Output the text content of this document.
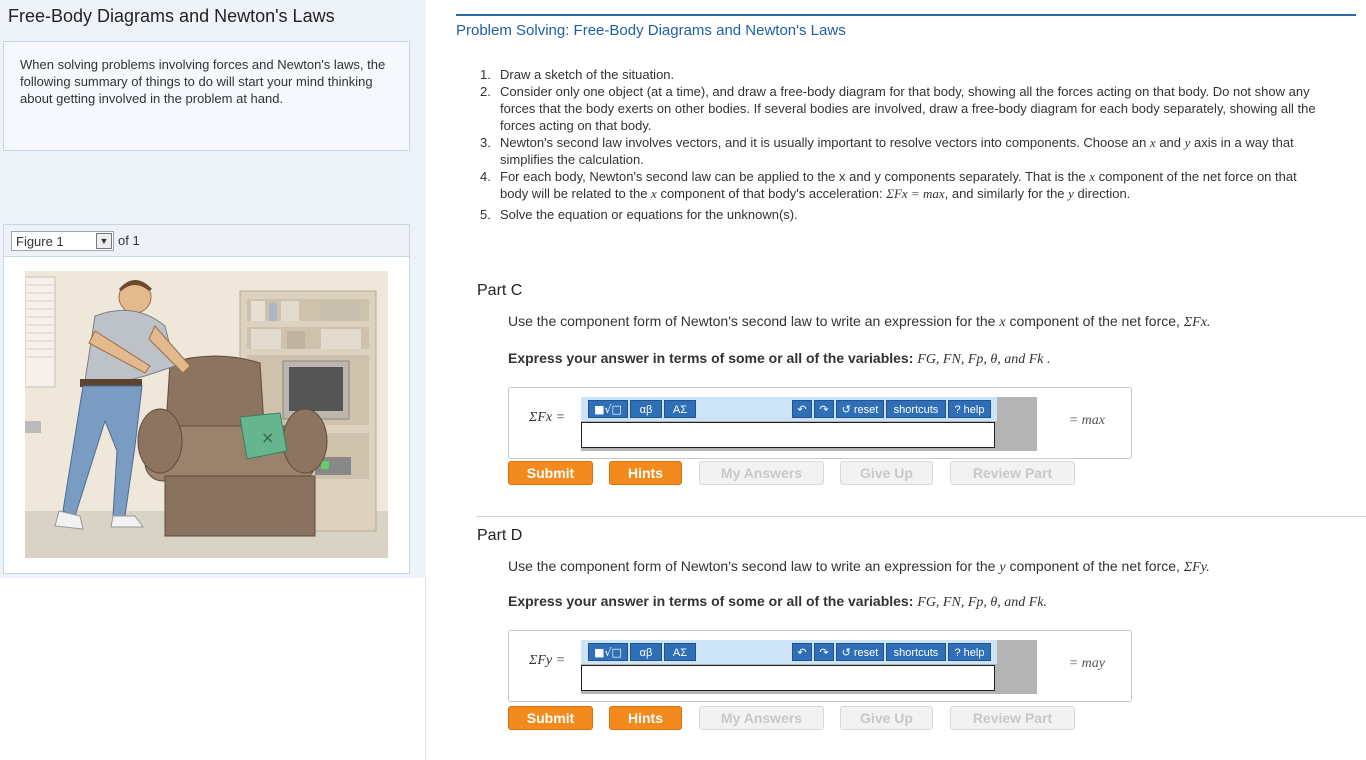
Free-Body Diagrams and Newton's Laws
When solving problems involving forces and Newton's laws, the following summary of things to do will start your mind thinking about getting involved in the problem at hand.
Figure 1	▼ of 1
×
Problem Solving: Free-Body Diagrams and Newton's Laws
1. Draw a sketch of the situation.
2. Consider only one object (at a time), and draw a free-body diagram for that body, showing all the forces acting on that body. Do not show any forces that the body exerts on other bodies. If several bodies are involved, draw a free-body diagram for each body separately, showing all the forces acting on that body.
3. Newton's second law involves vectors, and it is usually important to resolve vectors into components. Choose an x and y axis in a way that simplifies the calculation.
4. For each body, Newton's second law can be applied to the x and y components separately. That is the x component of the net force on that body will be related to the x component of that body's acceleration: ΣFx = max, and similarly for the y direction.
5. Solve the equation or equations for the unknown(s).
Part C
Use the component form of Newton's second law to write an expression for the x component of the net force, ΣFx.
Express your answer in terms of some or all of the variables: FG, FN, Fp, θ, and Fk .
ΣFx =
■√□	αβ	ΑΣ	↶	↷	↺ reset	shortcuts	? help
= max
Submit	Hints	My Answers	Give Up	Review Part
Part D
Use the component form of Newton's second law to write an expression for the y component of the net force, ΣFy.
Express your answer in terms of some or all of the variables: FG, FN, Fp, θ, and Fk.
ΣFy =
■√□	αβ	ΑΣ	↶	↷	↺ reset	shortcuts	? help
= may
Submit	Hints	My Answers	Give Up	Review Part
